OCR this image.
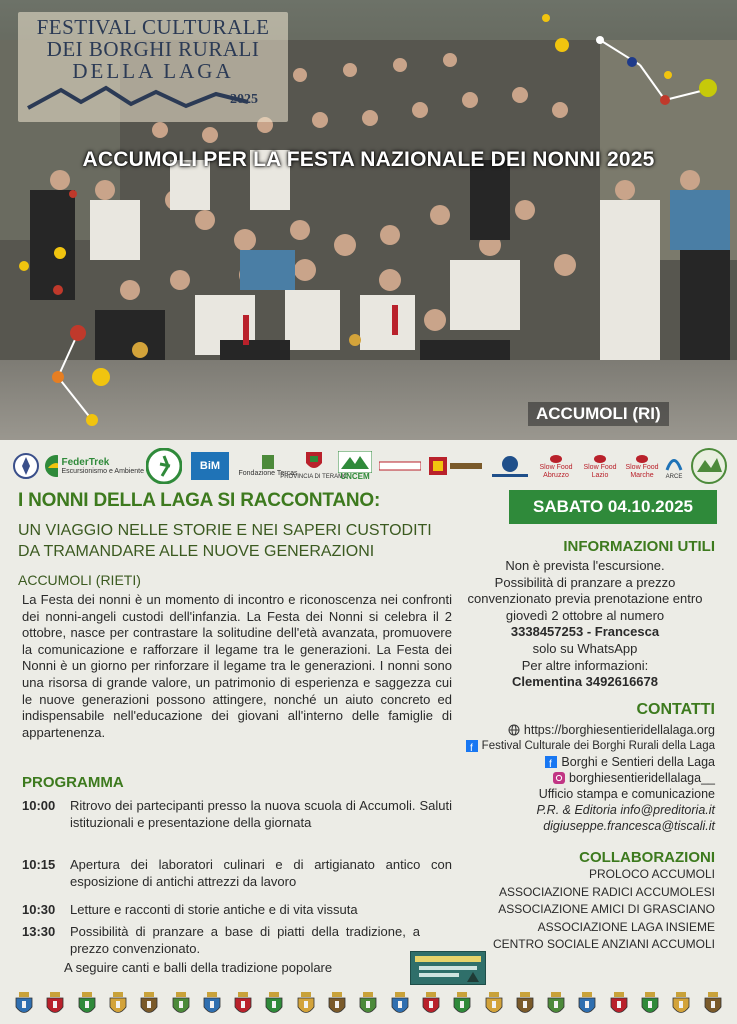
FESTIVAL CULTURALE
DEI BORGHI RURALI
DELLA LAGA
2025
ACCUMOLI PER LA FESTA NAZIONALE DEI NONNI 2025
ACCUMOLI (RI)
FederTrek
Escursionismo e Ambiente	BiM
Fondazione Tercas
PROVINCIA DI TERAMO
UNCEM
Slow Food Abruzzo
Slow Food Lazio
Slow Food Marche	ARCE
I NONNI DELLA LAGA SI RACCONTANO:
UN VIAGGIO NELLE STORIE E NEI SAPERI CUSTODITI
DA TRAMANDARE ALLE NUOVE GENERAZIONI
ACCUMOLI (RIETI)
La Festa dei nonni è un momento di incontro e riconoscenza nei confronti dei nonni-angeli custodi dell'infanzia. La Festa dei Nonni si celebra il 2 ottobre, nasce per contrastare la solitudine dell'età avanzata, promuovere la comunicazione e rafforzare il legame tra le generazioni. La Festa dei Nonni è un giorno per rinforzare il legame tra le generazioni. I nonni sono una risorsa di grande valore, un patrimonio di esperienza e saggezza cui le nuove generazioni possono attingere, nonché un aiuto concreto ed indispensabile nell'educazione dei giovani all'interno delle famiglie di appartenenza.
PROGRAMMA
10:00 Ritrovo dei partecipanti presso la nuova scuola di Accumoli. Saluti istituzionali e presentazione della giornata
10:15 Apertura dei laboratori culinari e di artigianato antico con esposizione di antichi attrezzi da lavoro
10:30 Letture e racconti di storie antiche e di vita vissuta
13:30 Possibilità di pranzare a base di piatti della tradizione, a prezzo convenzionato.
A seguire canti e balli della tradizione popolare
SABATO 04.10.2025
INFORMAZIONI UTILI
Non è prevista l'escursione.
Possibilità di pranzare a prezzo convenzionato previa prenotazione entro giovedì 2 ottobre al numero
3338457253 - Francesca
solo su WhatsApp
Per altre informazioni:
Clementina 3492616678
CONTATTI
https://borghiesentieridellalaga.org
f Festival Culturale dei Borghi Rurali della Laga
f Borghi e Sentieri della Laga
borghiesentieridellalaga__
Ufficio stampa e comunicazione
P.R. & Editoria info@preditoria.it
digiuseppe.francesca@tiscali.it
COLLABORAZIONI
PROLOCO ACCUMOLI
ASSOCIAZIONE RADICI ACCUMOLESI
ASSOCIAZIONE AMICI DI GRASCIANO
ASSOCIAZIONE LAGA INSIEME
CENTRO SOCIALE ANZIANI ACCUMOLI
